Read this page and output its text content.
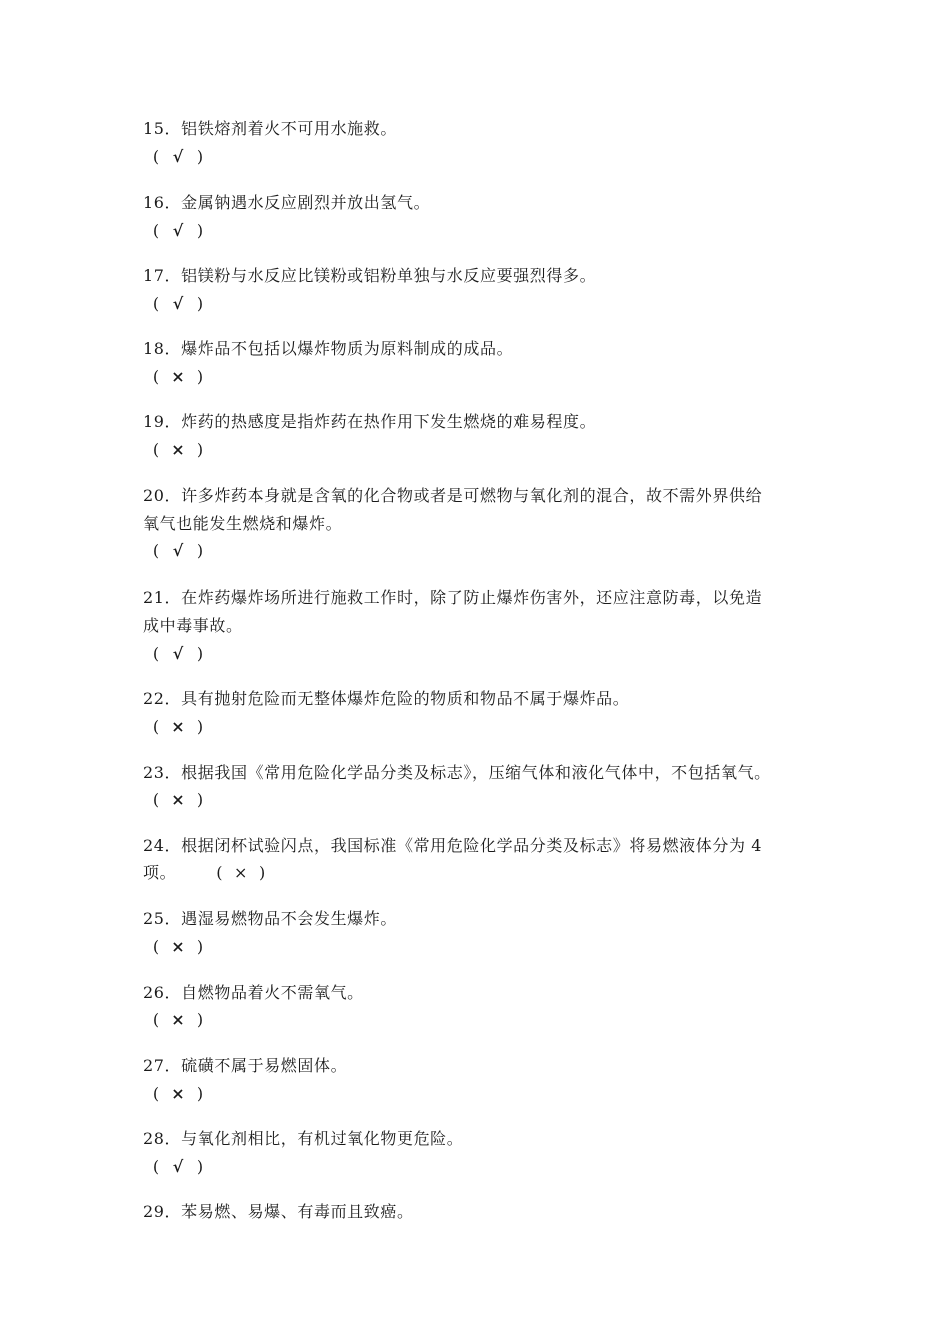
15．铝铁熔剂着火不可用水施救。
( √ )
16．金属钠遇水反应剧烈并放出氢气。
( √ )
17．铝镁粉与水反应比镁粉或铝粉单独与水反应要强烈得多。
( √ )
18．爆炸品不包括以爆炸物质为原料制成的成品。
( × )
19．炸药的热感度是指炸药在热作用下发生燃烧的难易程度。
( × )
20．许多炸药本身就是含氧的化合物或者是可燃物与氧化剂的混合，故不需外界供给
氧气也能发生燃烧和爆炸。
( √ )
21．在炸药爆炸场所进行施救工作时，除了防止爆炸伤害外，还应注意防毒，以免造
成中毒事故。
( √ )
22．具有抛射危险而无整体爆炸危险的物质和物品不属于爆炸品。
( × )
23．根据我国《常用危险化学品分类及标志》，压缩气体和液化气体中，不包括氧气。
( × )
24．根据闭杯试验闪点，我国标准《常用危险化学品分类及标志》将易燃液体分为 4
项。	( × )
25．遇湿易燃物品不会发生爆炸。
( × )
26．自燃物品着火不需氧气。
( × )
27．硫磺不属于易燃固体。
( × )
28．与氧化剂相比，有机过氧化物更危险。
( √ )
29．苯易燃、易爆、有毒而且致癌。
